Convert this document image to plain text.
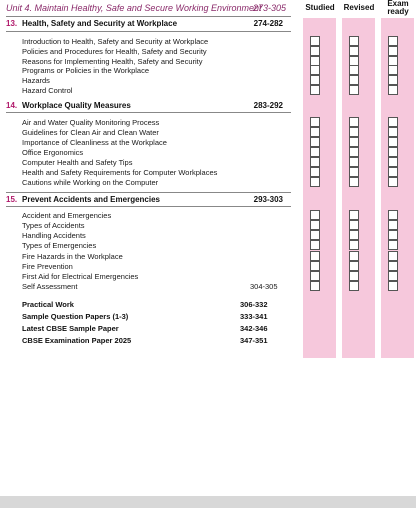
Studied	Revised	Exam
ready
Unit 4. Maintain Healthy, Safe and Secure Working Environment
273-305
13. Health, Safety and Security at Workplace	274-282
Introduction to Health, Safety and Security at Workplace
Policies and Procedures for Health, Safety and Security
Reasons for Implementing Health, Safety and Security
Programs or Policies in the Workplace
Hazards
Hazard Control
14. Workplace Quality Measures	283-292
Air and Water Quality Monitoring Process
Guidelines for Clean Air and Clean Water
Importance of Cleanliness at the Workplace
Office Ergonomics
Computer Health and Safety Tips
Health and Safety Requirements for Computer Workplaces
Cautions while Working on the Computer
15. Prevent Accidents and Emergencies	293-303
Accident and Emergencies
Types of Accidents
Handling Accidents
Types of Emergencies
Fire Hazards in the Workplace
Fire Prevention
First Aid for Electrical Emergencies
Self Assessment	304-305
Practical Work	306-332
Sample Question Papers (1-3)	333-341
Latest CBSE Sample Paper	342-346
CBSE Examination Paper 2025	347-351
